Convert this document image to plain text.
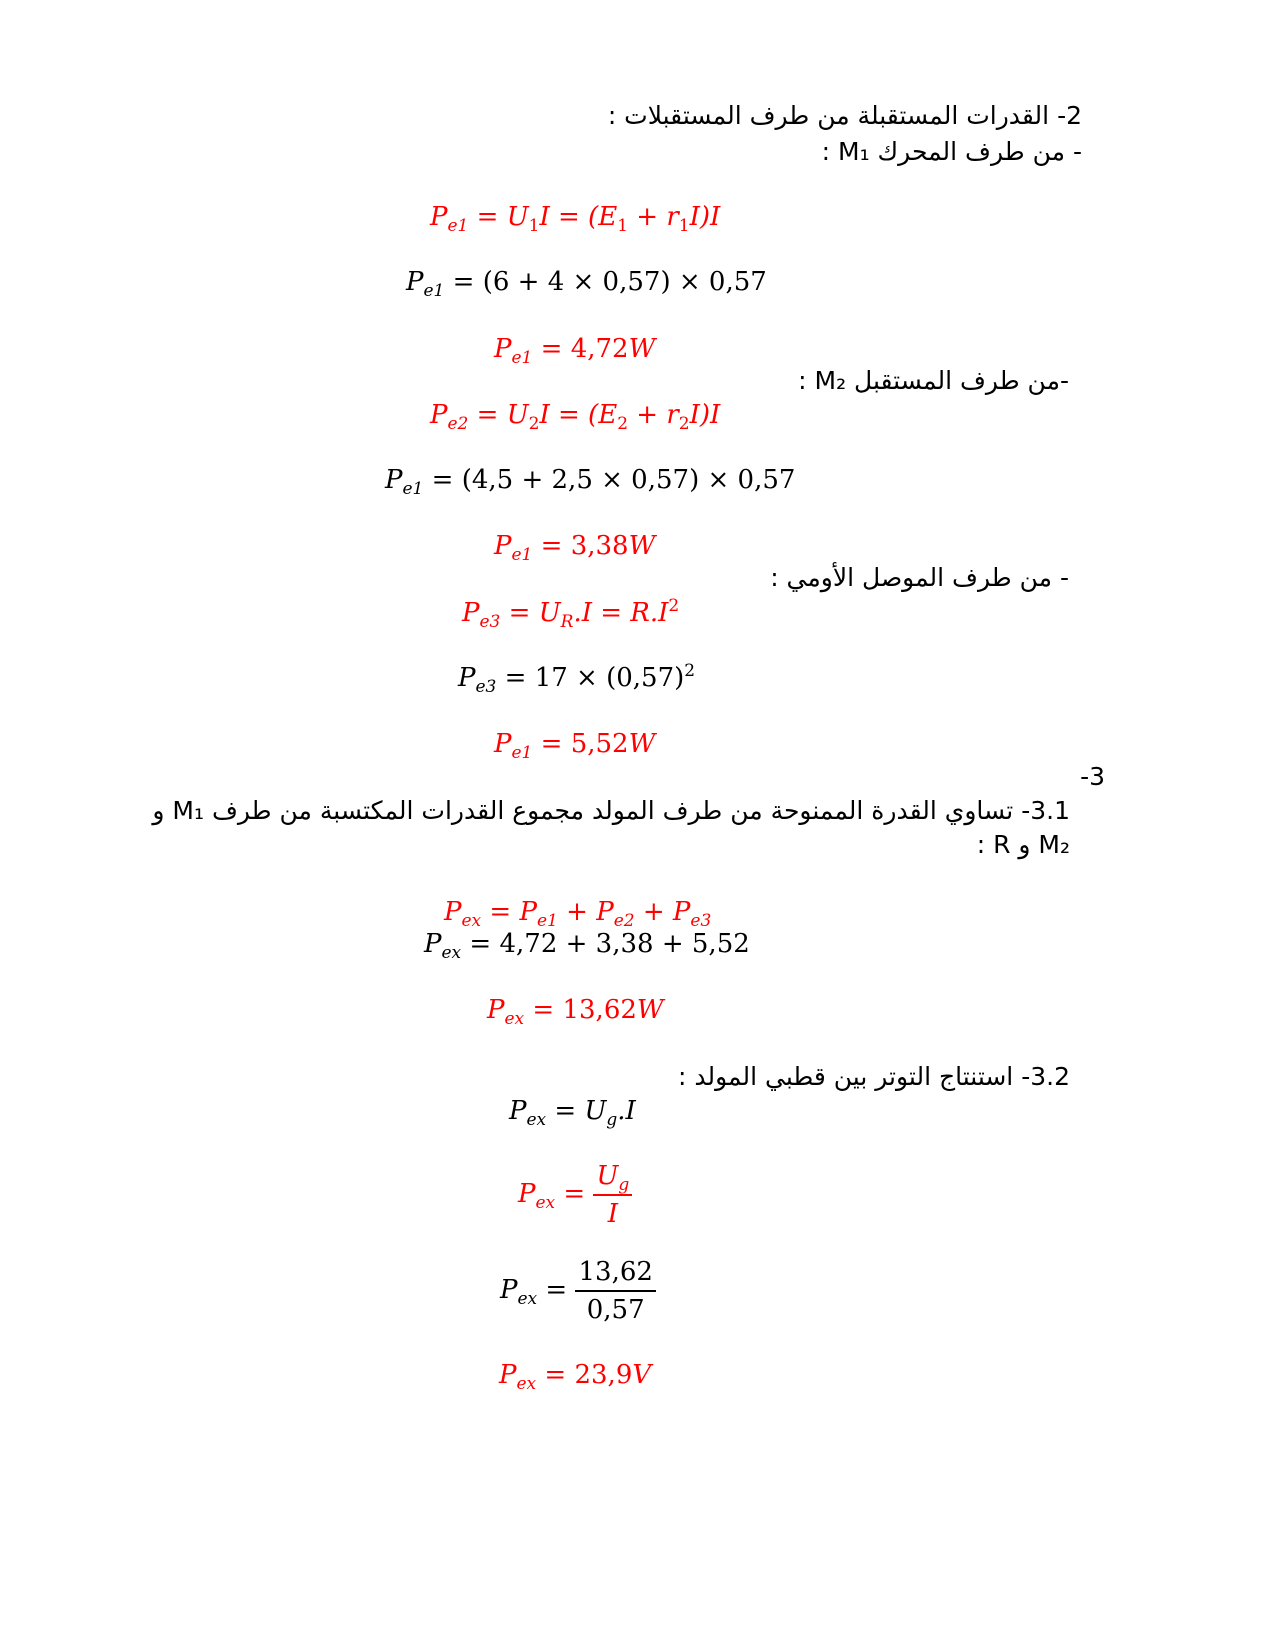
2- القدرات المستقبلة من طرف المستقبلات :
- من طرف المحرك M₁ :
$P_{e1} = U_1I = (E_1 + r_1I)I$
$P_{e1} = (6 + 4 \times 0,57) \times 0,57$
$P_{e1} = 4,72W$
-من طرف المستقبل M₂ :
$P_{e2} = U_2I = (E_2 + r_2I)I$
$P_{e1} = (4,5 + 2,5 \times 0,57) \times 0,57$
$P_{e1} = 3,38W$
- من طرف الموصل الأومي :
$P_{e3} = U_R.I = R.I^2$
$P_{e3} = 17 \times (0,57)^2$
$P_{e1} = 5,52W$
3-
3.1- تساوي القدرة الممنوحة من طرف المولد مجموع القدرات المكتسبة من طرف M₁ و
M₂ و R :
$P_{ex} = P_{e1} + P_{e2} + P_{e3}$
$P_{ex} = 4,72 + 3,38 + 5,52$
$P_{ex} = 13,62W$
3.2- استنتاج التوتر بين قطبي المولد :
$P_{ex} = U_g.I$
$P_{ex} = \frac{U_g}{I}$
$P_{ex} = \frac{13,62}{0,57}$
$P_{ex} = 23,9V$
